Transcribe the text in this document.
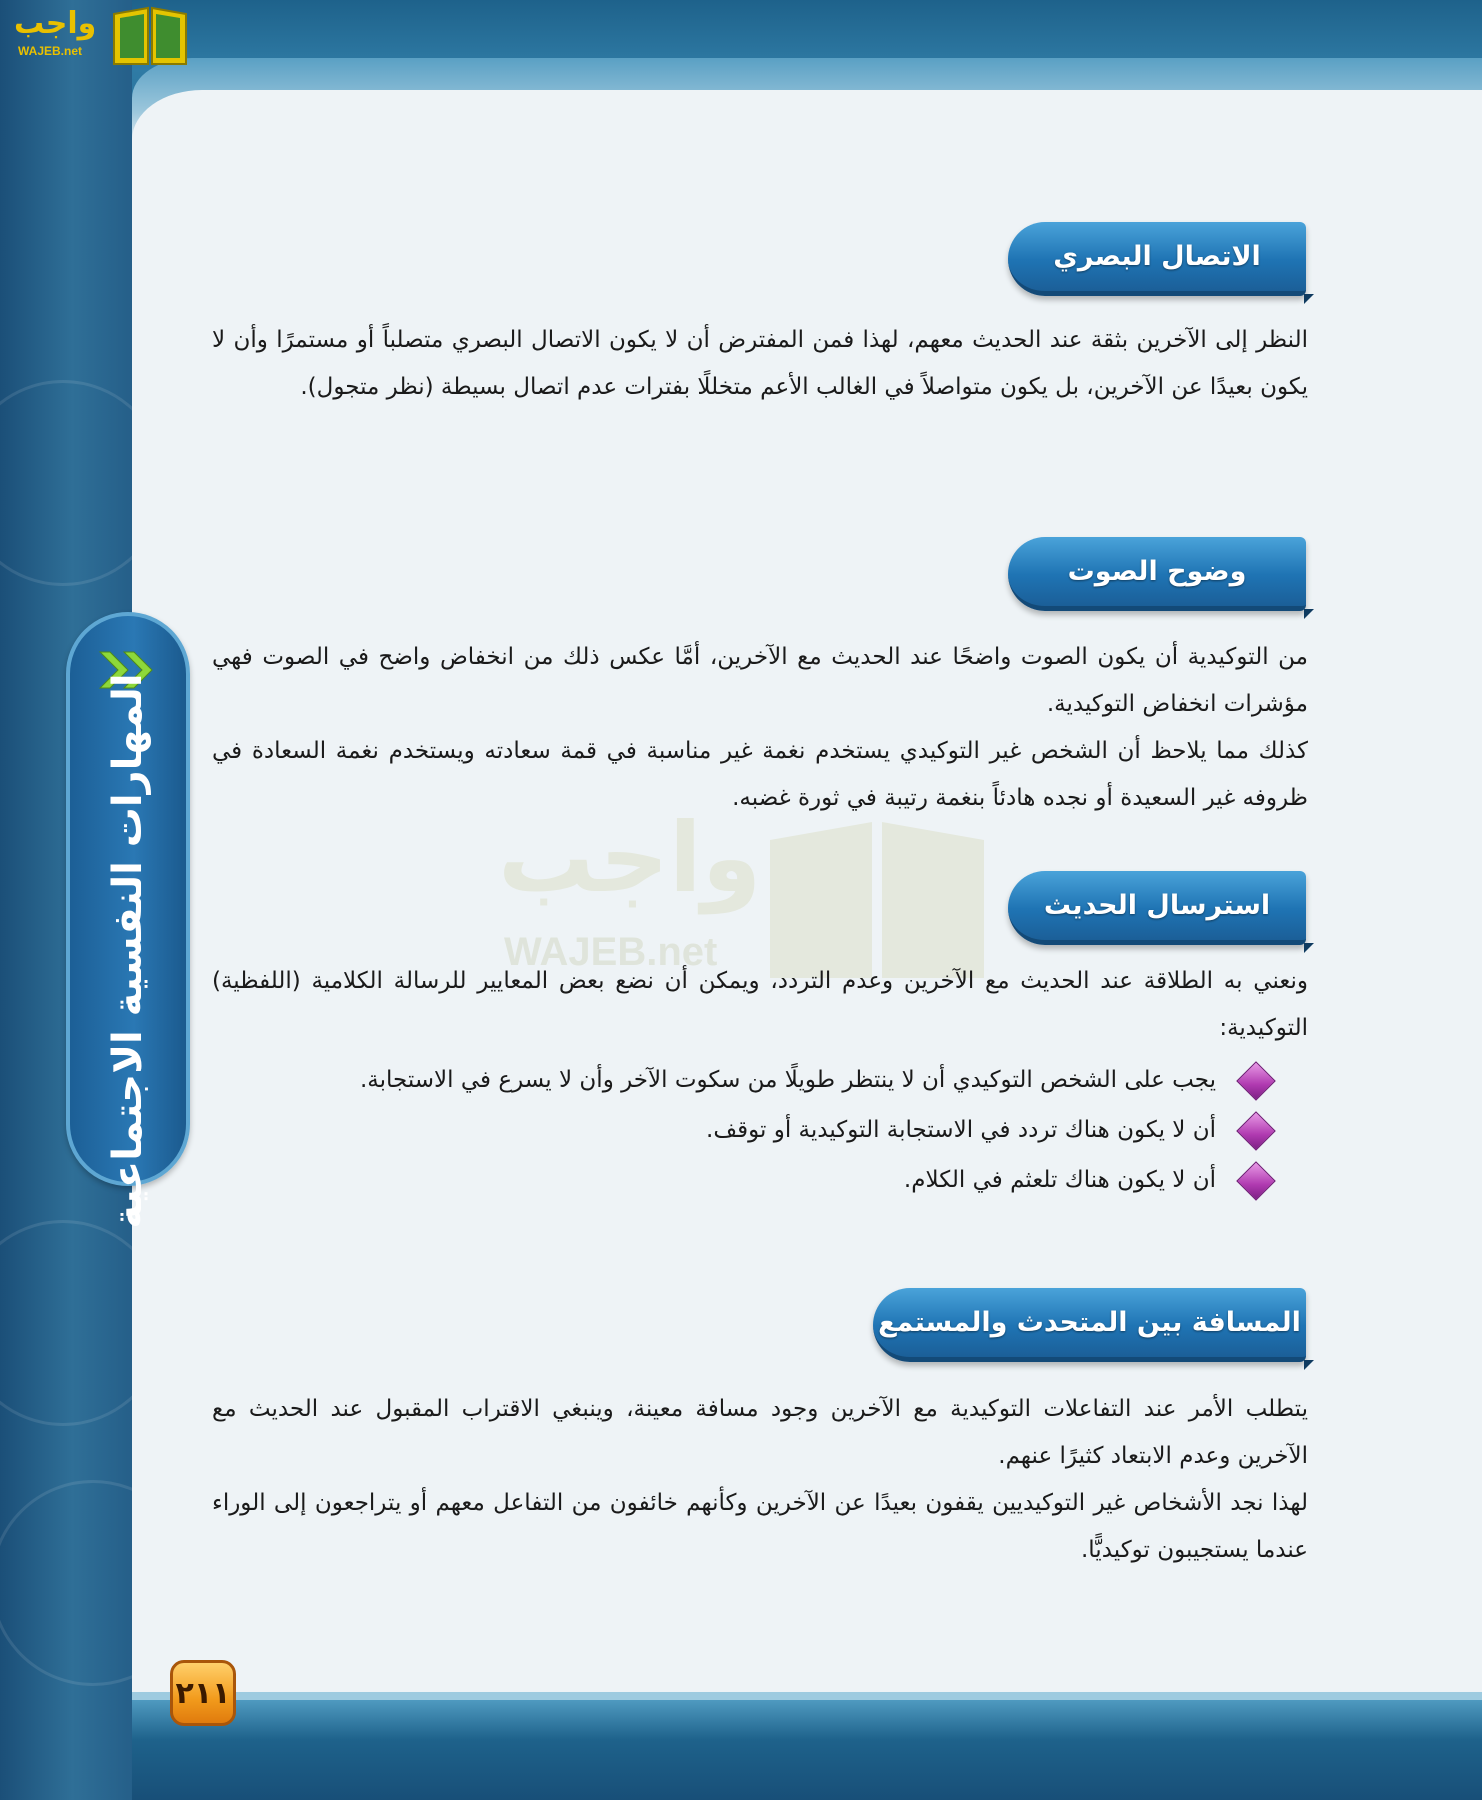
واجب
WAJEB.net
المهارات النفسية الاجتماعية	واجب
WAJEB.net
الاتصال البصري
النظر إلى الآخرين بثقة عند الحديث معهم، لهذا فمن المفترض أن لا يكون الاتصال البصري متصلباً أو مستمرًا وأن لا يكون بعيدًا عن الآخرين، بل يكون متواصلاً في الغالب الأعم متخللًا بفترات عدم اتصال بسيطة (نظر متجول).
وضوح الصوت
من التوكيدية أن يكون الصوت واضحًا عند الحديث مع الآخرين، أمَّا عكس ذلك من انخفاض واضح في الصوت فهي مؤشرات انخفاض التوكيدية.
كذلك مما يلاحظ أن الشخص غير التوكيدي يستخدم نغمة غير مناسبة في قمة سعادته ويستخدم نغمة السعادة في ظروفه غير السعيدة أو نجده هادئاً بنغمة رتيبة في ثورة غضبه.
استرسال الحديث
ونعني به الطلاقة عند الحديث مع الآخرين وعدم التردد، ويمكن أن نضع بعض المعايير للرسالة الكلامية (اللفظية) التوكيدية:
يجب على الشخص التوكيدي أن لا ينتظر طويلًا من سكوت الآخر وأن لا يسرع في الاستجابة.
أن لا يكون هناك تردد في الاستجابة التوكيدية أو توقف.
أن لا يكون هناك تلعثم في الكلام.
المسافة بين المتحدث والمستمع
يتطلب الأمر عند التفاعلات التوكيدية مع الآخرين وجود مسافة معينة، وينبغي الاقتراب المقبول عند الحديث مع الآخرين وعدم الابتعاد كثيرًا عنهم.
لهذا نجد الأشخاص غير التوكيديين يقفون بعيدًا عن الآخرين وكأنهم خائفون من التفاعل معهم أو يتراجعون إلى الوراء عندما يستجيبون توكيديًّا.
٢١١
